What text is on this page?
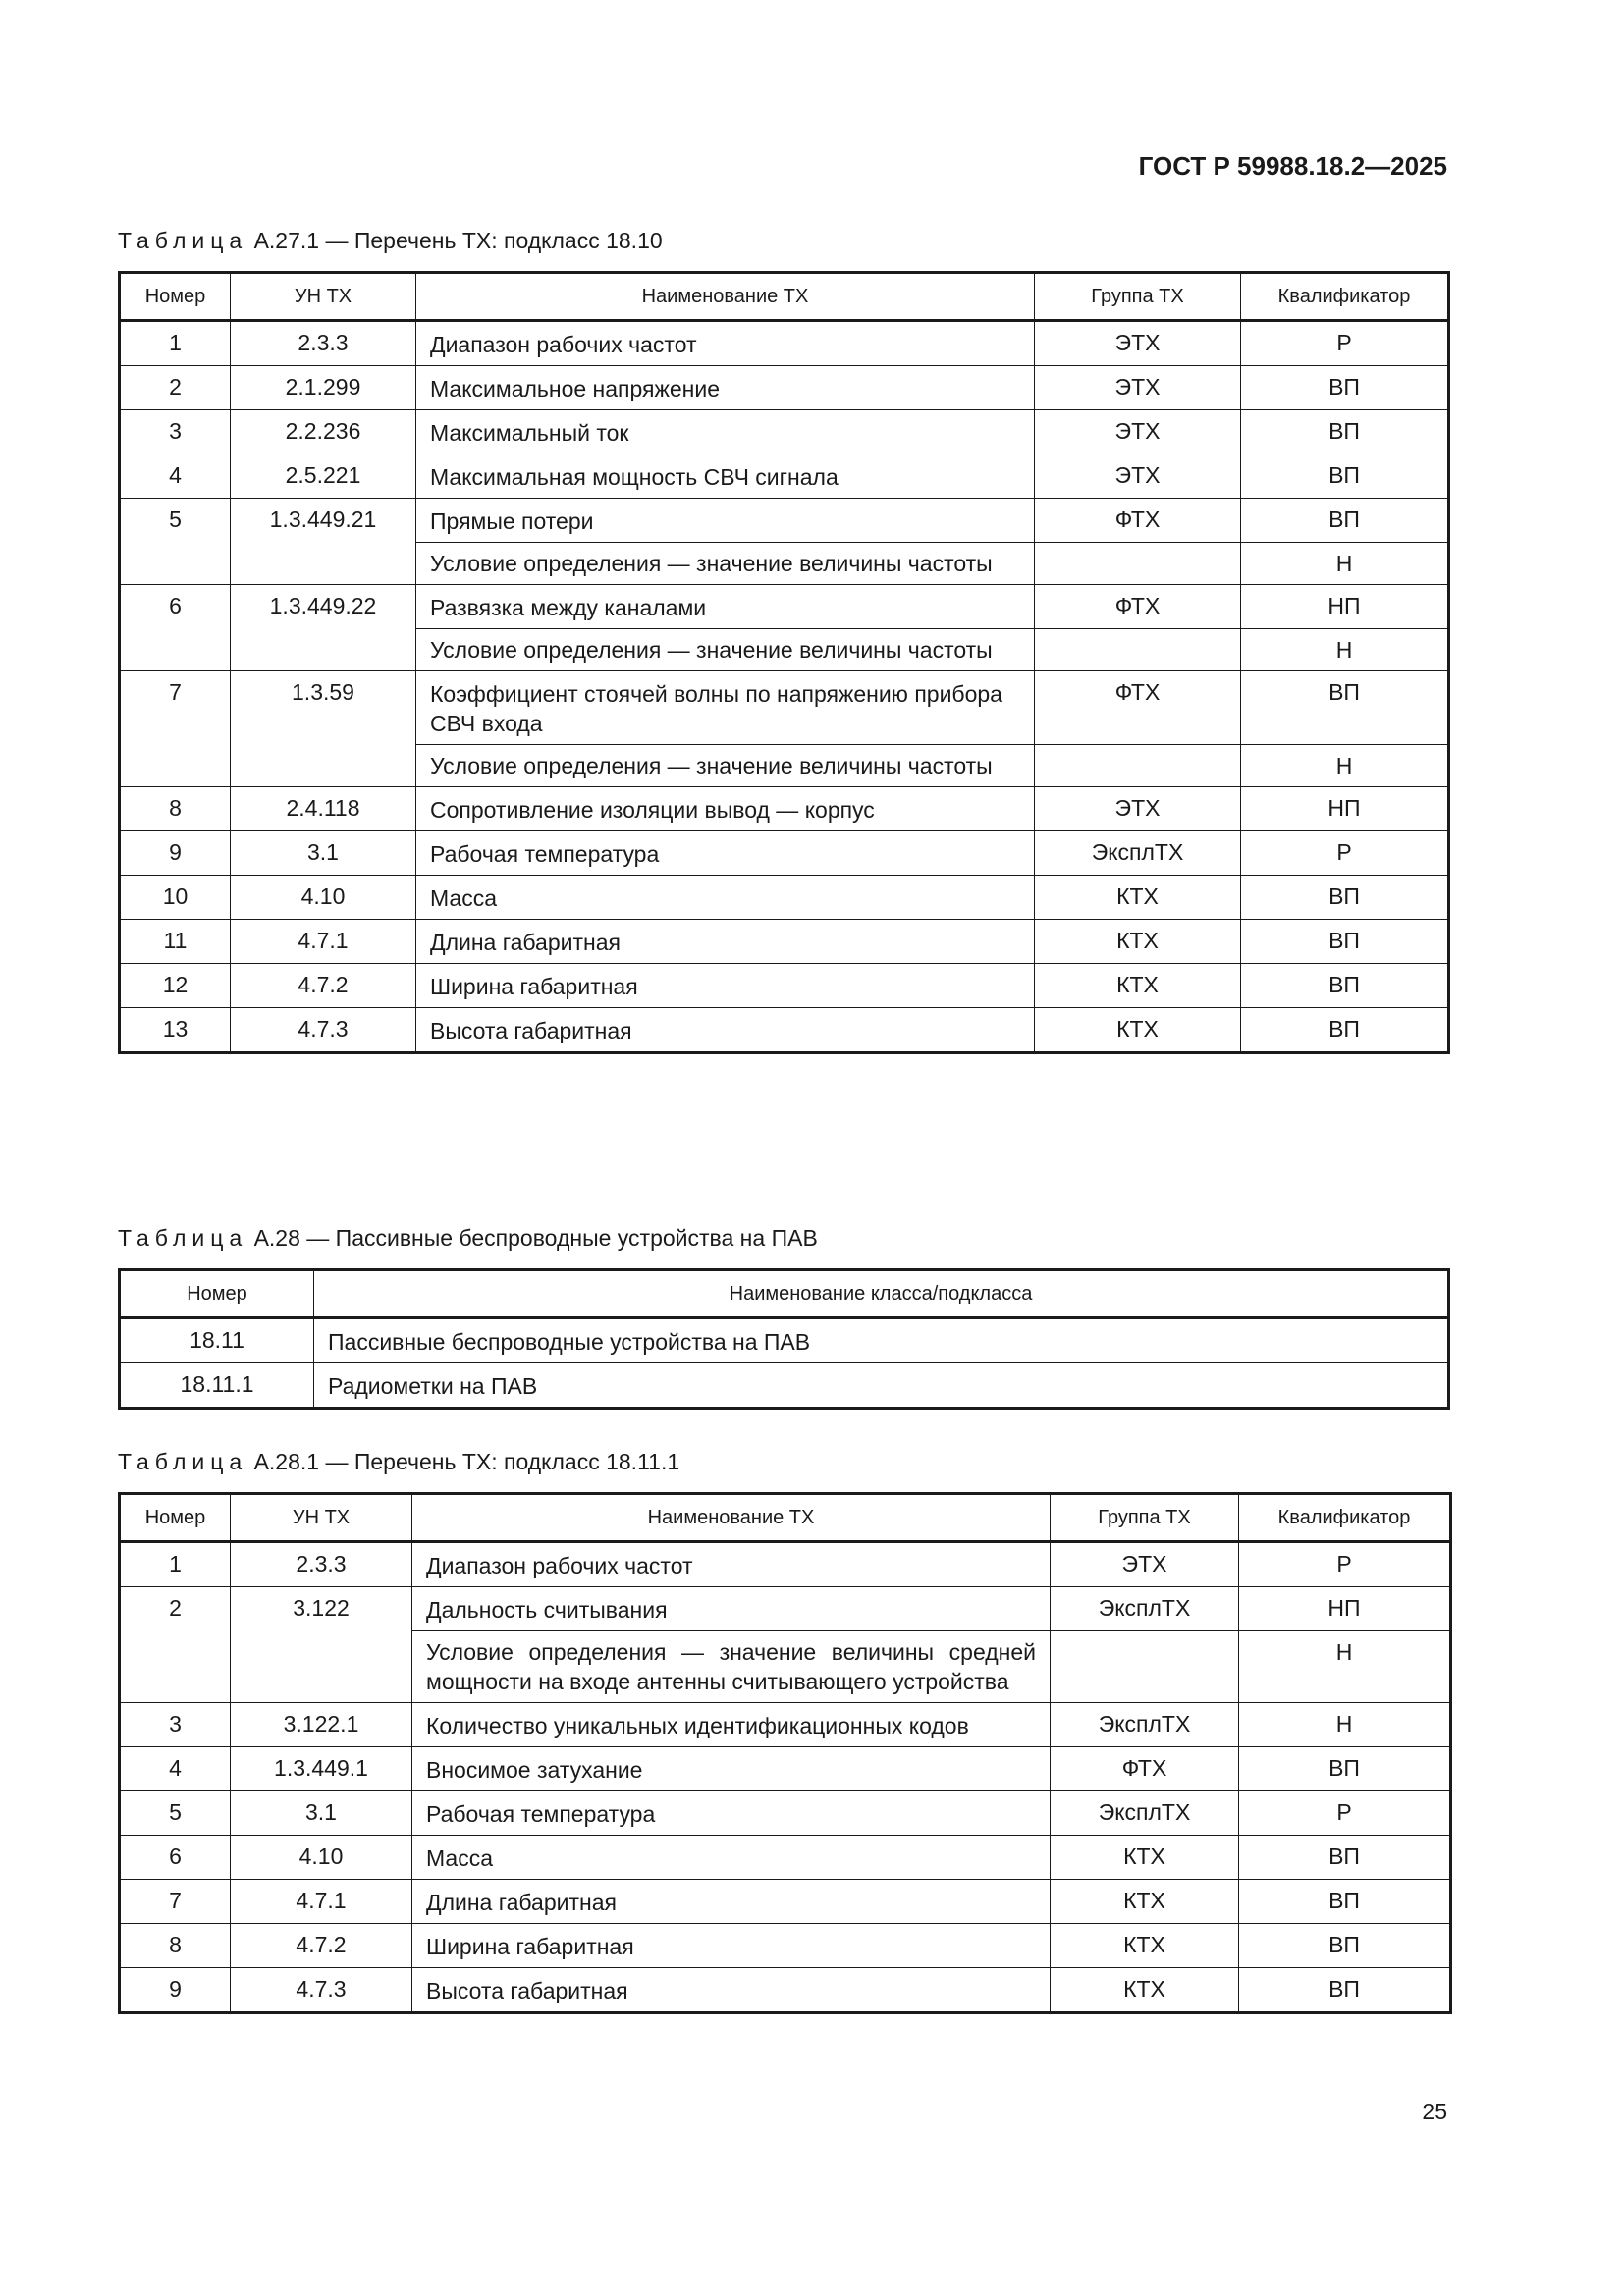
ГОСТ Р 59988.18.2—2025
Таблица А.27.1 — Перечень ТХ: подкласс 18.10
Номер	УН ТХ	Наименование ТХ	Группа ТХ	Квалификатор
1	2.3.3	Диапазон рабочих частот	ЭТХ	Р
2	2.1.299	Максимальное напряжение	ЭТХ	ВП
3	2.2.236	Максимальный ток	ЭТХ	ВП
4	2.5.221	Максимальная мощность СВЧ сигнала	ЭТХ	ВП
5	1.3.449.21	Прямые потери	ФТХ	ВП
		Условие определения — значение величины частоты		Н
6	1.3.449.22	Развязка между каналами	ФТХ	НП
		Условие определения — значение величины частоты		Н
7	1.3.59	Коэффициент стоячей волны по напряжению прибора СВЧ входа	ФТХ	ВП
		Условие определения — значение величины частоты		Н
8	2.4.118	Сопротивление изоляции вывод — корпус	ЭТХ	НП
9	3.1	Рабочая температура	ЭксплТХ	Р
10	4.10	Масса	КТХ	ВП
11	4.7.1	Длина габаритная	КТХ	ВП
12	4.7.2	Ширина габаритная	КТХ	ВП
13	4.7.3	Высота габаритная	КТХ	ВП
Таблица А.28 — Пассивные беспроводные устройства на ПАВ
Номер	Наименование класса/подкласса
18.11	Пассивные беспроводные устройства на ПАВ
18.11.1	Радиометки на ПАВ
Таблица А.28.1 — Перечень ТХ: подкласс 18.11.1
Номер	УН ТХ	Наименование ТХ	Группа ТХ	Квалификатор
1	2.3.3	Диапазон рабочих частот	ЭТХ	Р
2	3.122	Дальность считывания	ЭксплТХ	НП
		Условие определения — значение величины средней мощности на входе антенны считывающего устройства		Н
3	3.122.1	Количество уникальных идентификационных кодов	ЭксплТХ	Н
4	1.3.449.1	Вносимое затухание	ФТХ	ВП
5	3.1	Рабочая температура	ЭксплТХ	Р
6	4.10	Масса	КТХ	ВП
7	4.7.1	Длина габаритная	КТХ	ВП
8	4.7.2	Ширина габаритная	КТХ	ВП
9	4.7.3	Высота габаритная	КТХ	ВП
25
